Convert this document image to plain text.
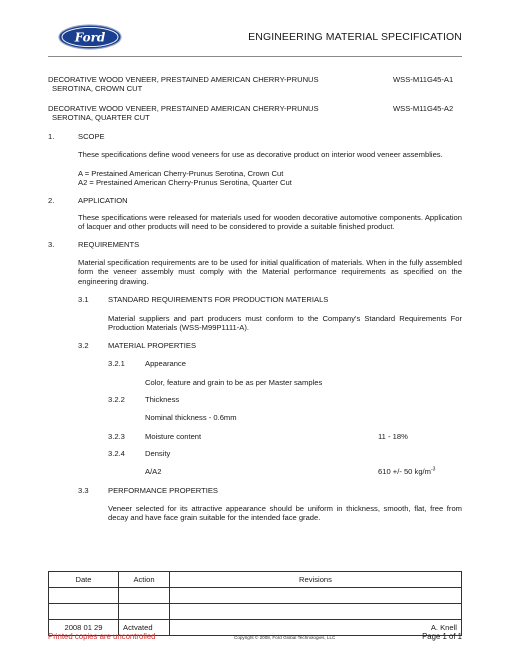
Ford	ENGINEERING MATERIAL SPECIFICATION
DECORATIVE WOOD VENEER, PRESTAINED AMERICAN CHERRY-PRUNUS
SEROTINA, CROWN CUT
WSS-M11G45-A1
DECORATIVE WOOD VENEER, PRESTAINED AMERICAN CHERRY-PRUNUS
SEROTINA, QUARTER CUT
WSS-M11G45-A2
1.	SCOPE
These specifications define wood veneers for use as decorative product on interior wood veneer assemblies.
A = Prestained American Cherry-Prunus Serotina, Crown Cut
A2 = Prestained American Cherry-Prunus Serotina, Quarter Cut
2.	APPLICATION
These specifications were released for materials used for wooden decorative automotive components. Application of lacquer and other products will need to be considered to provide a suitable finished product.
3.	REQUIREMENTS
Material specification requirements are to be used for initial qualification of materials. When in the fully assembled form the veneer assembly must comply with the Material performance requirements as specified on the engineering drawing.
3.1	STANDARD REQUIREMENTS FOR PRODUCTION MATERIALS
Material suppliers and part producers must conform to the Company's Standard Requirements For Production Materials (WSS-M99P1111-A).
3.2	MATERIAL PROPERTIES
3.2.1	Appearance
Color, feature and grain to be as per Master samples
3.2.2	Thickness
Nominal thickness - 0.6mm
3.2.3	Moisture content	11 - 18%
3.2.4	Density
A/A2	610 +/- 50 $kg/m^{-3}$
3.3	PERFORMANCE PROPERTIES
Veneer selected for its attractive appearance should be uniform in thickness, smooth, flat, free from decay and have face grain suitable for the intended face grade.
Date	Action	Revisions

2008 01 29	Actvated	A. Knell
Printed copies are uncontrolled	Copyright © 2008, Ford Global Technologies, LLC	Page 1 of 1
